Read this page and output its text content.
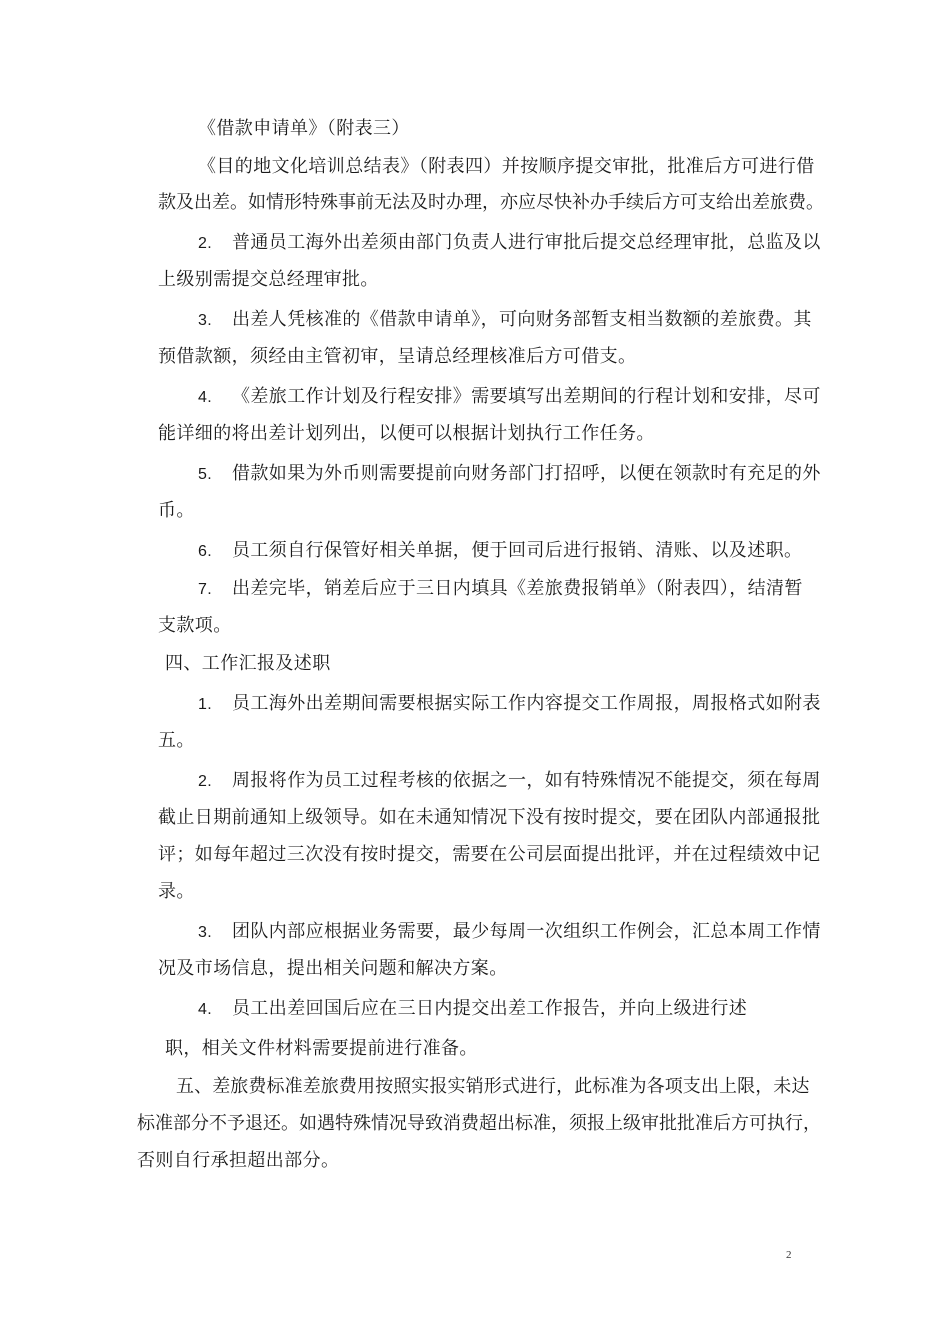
《借款申请单》（附表三）
《目的地文化培训总结表》（附表四）并按顺序提交审批，批准后方可进行借
款及出差。如情形特殊事前无法及时办理，亦应尽快补办手续后方可支给出差旅费。
2. 普通员工海外出差须由部门负责人进行审批后提交总经理审批，总监及以
上级别需提交总经理审批。
3. 出差人凭核准的《借款申请单》，可向财务部暂支相当数额的差旅费。其
预借款额，须经由主管初审，呈请总经理核准后方可借支。
4. 《差旅工作计划及行程安排》需要填写出差期间的行程计划和安排，尽可
能详细的将出差计划列出，以便可以根据计划执行工作任务。
5. 借款如果为外币则需要提前向财务部门打招呼，以便在领款时有充足的外
币。
6. 员工须自行保管好相关单据，便于回司后进行报销、清账、以及述职。
7. 出差完毕，销差后应于三日内填具《差旅费报销单》（附表四），结清暂
支款项。
四、工作汇报及述职
1. 员工海外出差期间需要根据实际工作内容提交工作周报，周报格式如附表
五。
2. 周报将作为员工过程考核的依据之一，如有特殊情况不能提交，须在每周
截止日期前通知上级领导。如在未通知情况下没有按时提交，要在团队内部通报批
评；如每年超过三次没有按时提交，需要在公司层面提出批评，并在过程绩效中记
录。
3. 团队内部应根据业务需要，最少每周一次组织工作例会，汇总本周工作情
况及市场信息，提出相关问题和解决方案。
4. 员工出差回国后应在三日内提交出差工作报告，并向上级进行述
职，相关文件材料需要提前进行准备。
五、差旅费标准差旅费用按照实报实销形式进行，此标准为各项支出上限，未达
标准部分不予退还。如遇特殊情况导致消费超出标准，须报上级审批批准后方可执行，
否则自行承担超出部分。
2
